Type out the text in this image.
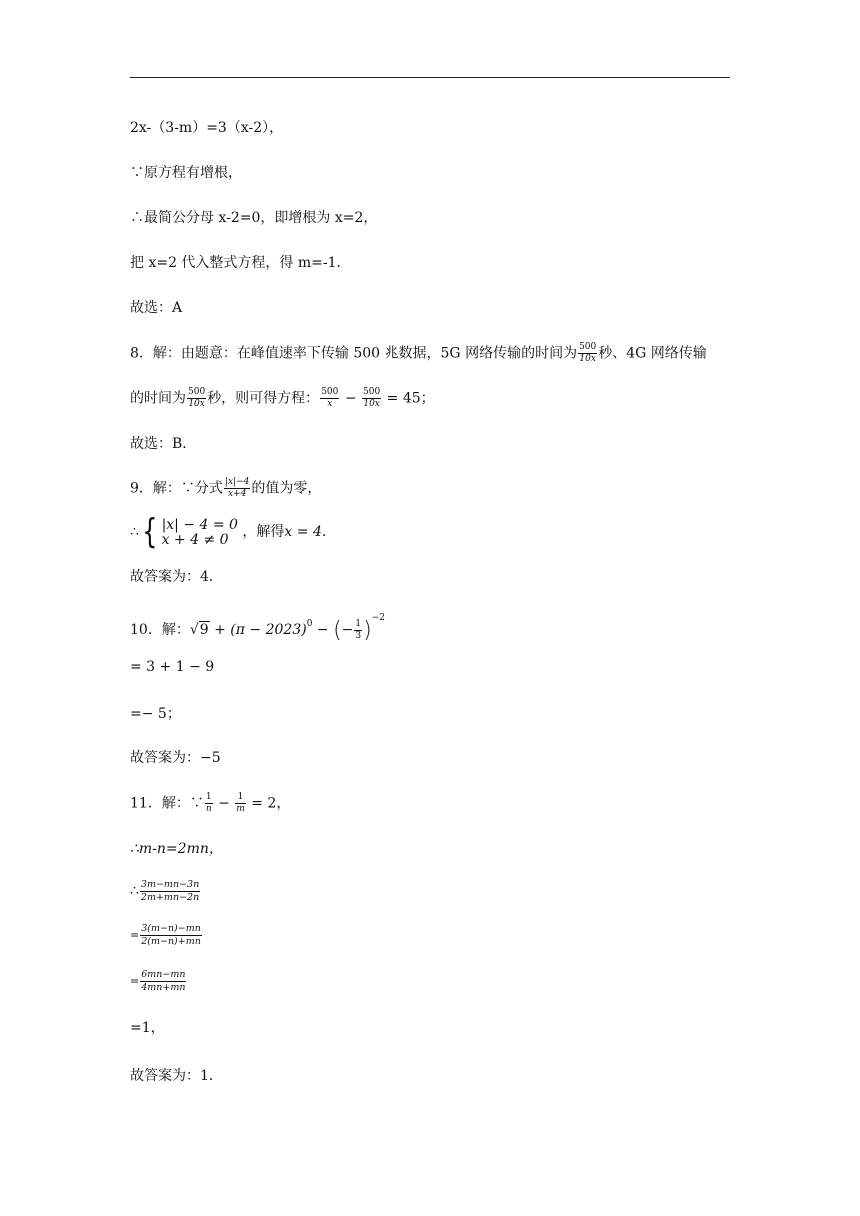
2x-（3-m）=3（x-2），
∵原方程有增根，
∴最简公分母 x-2=0，即增根为 x=2，
把 x=2 代入整式方程，得 m=-1．
故选：A
8．解：由题意：在峰值速率下传输 500 兆数据，5G 网络传输的时间为 $\frac{500}{10x}$ 秒、4G 网络传输
的时间为 $\frac{500}{10x}$ 秒，则可得方程： $\frac{500}{x} - \frac{500}{10x} = 45$；
故选：B．
9．解：∵分式 $\frac{|x|-4}{x+4}$ 的值为零，
∴ { |x| − 4 = 0
x + 4 ≠ 0 ，解得x = 4.
故答案为：4．
10．解：$√9 + (\pi - 2023)^0$ − (− $\frac{1}{3} )^{-2}$
= 3 + 1 − 9
=− 5；
故答案为：−5
11．解：∵ $\frac{1}{n} - \frac{1}{m} = 2$，
∴m-n=2mn，
∴ $\frac{3m-mn-3n}{2m+mn-2n}$
= $\frac{3(m-n)-mn}{2(m-n)+mn}$
= $\frac{6mn-mn}{4mn+mn}$
=1，
故答案为：1．
